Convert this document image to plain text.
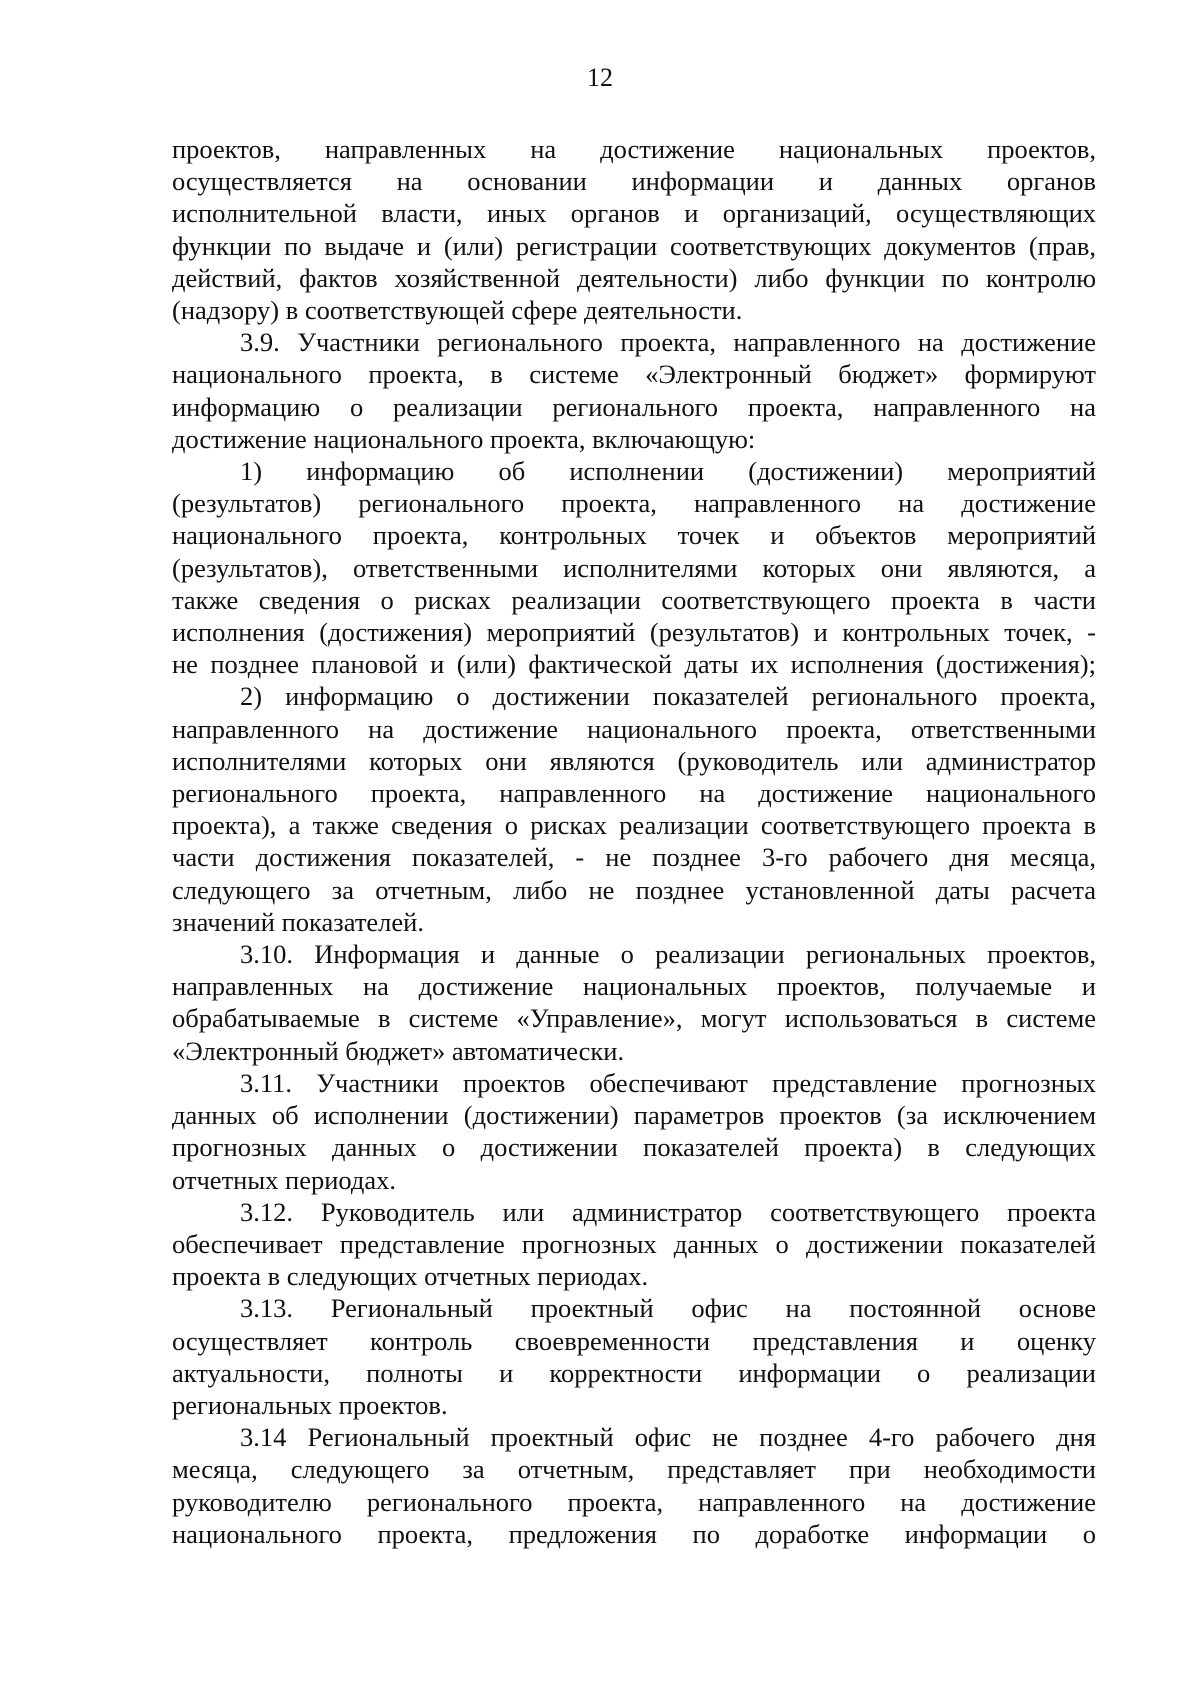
12
проектов, направленных на достижение национальных проектов,
осуществляется на основании информации и данных органов
исполнительной власти, иных органов и организаций, осуществляющих
функции по выдаче и (или) регистрации соответствующих документов (прав,
действий, фактов хозяйственной деятельности) либо функции по контролю
(надзору) в соответствующей сфере деятельности.
3.9. Участники регионального проекта, направленного на достижение
национального проекта, в системе «Электронный бюджет» формируют
информацию о реализации регионального проекта, направленного на
достижение национального проекта, включающую:
1) информацию об исполнении (достижении) мероприятий
(результатов) регионального проекта, направленного на достижение
национального проекта, контрольных точек и объектов мероприятий
(результатов), ответственными исполнителями которых они являются, а
также сведения о рисках реализации соответствующего проекта в части
исполнения (достижения) мероприятий (результатов) и контрольных точек, -
не позднее плановой и (или) фактической даты их исполнения (достижения);
2) информацию о достижении показателей регионального проекта,
направленного на достижение национального проекта, ответственными
исполнителями которых они являются (руководитель или администратор
регионального проекта, направленного на достижение национального
проекта), а также сведения о рисках реализации соответствующего проекта в
части достижения показателей, - не позднее 3-го рабочего дня месяца,
следующего за отчетным, либо не позднее установленной даты расчета
значений показателей.
3.10. Информация и данные о реализации региональных проектов,
направленных на достижение национальных проектов, получаемые и
обрабатываемые в системе «Управление», могут использоваться в системе
«Электронный бюджет» автоматически.
3.11. Участники проектов обеспечивают представление прогнозных
данных об исполнении (достижении) параметров проектов (за исключением
прогнозных данных о достижении показателей проекта) в следующих
отчетных периодах.
3.12. Руководитель или администратор соответствующего проекта
обеспечивает представление прогнозных данных о достижении показателей
проекта в следующих отчетных периодах.
3.13. Региональный проектный офис на постоянной основе
осуществляет контроль своевременности представления и оценку
актуальности, полноты и корректности информации о реализации
региональных проектов.
3.14 Региональный проектный офис не позднее 4-го рабочего дня
месяца, следующего за отчетным, представляет при необходимости
руководителю регионального проекта, направленного на достижение
национального проекта, предложения по доработке информации о
